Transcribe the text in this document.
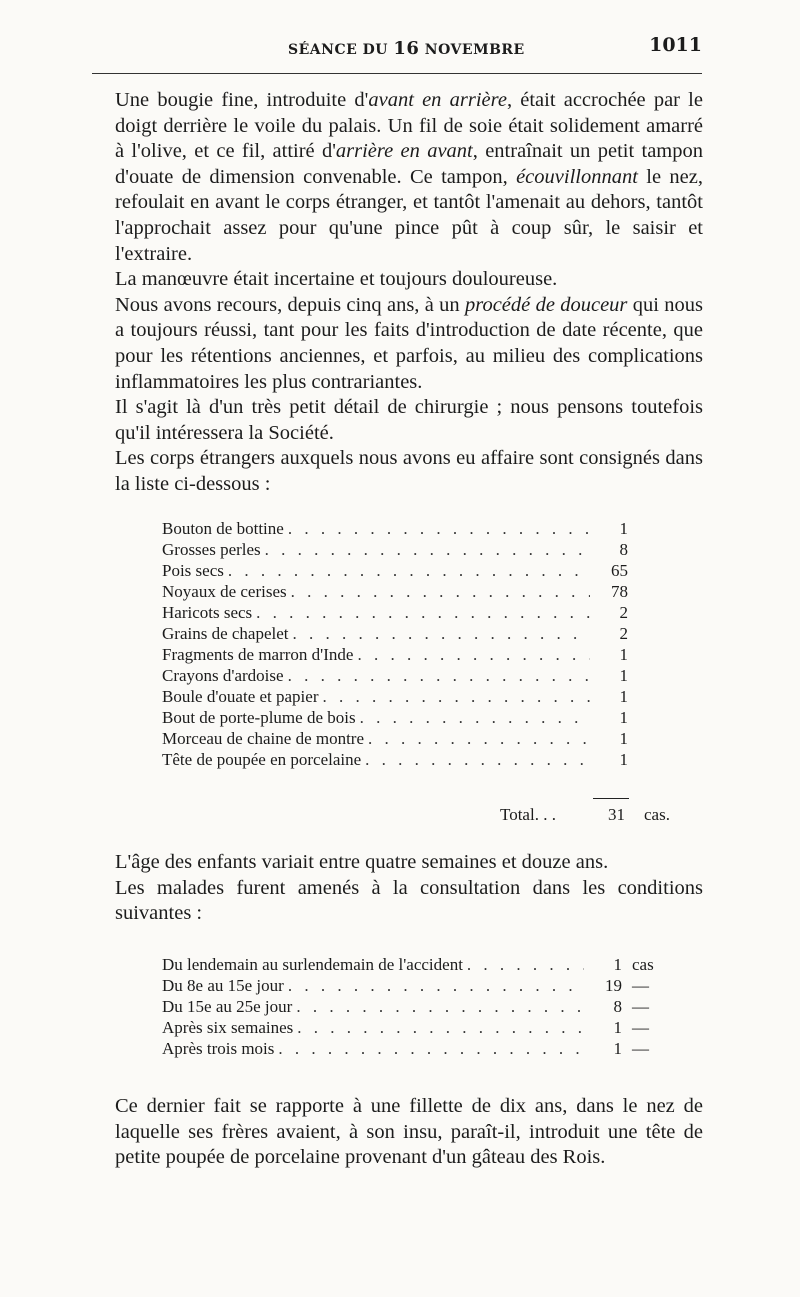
SÉANCE DU 16 NOVEMBRE	1011

Une bougie fine, introduite d'avant en arrière, était accrochée par le doigt derrière le voile du palais. Un fil de soie était solidement amarré à l'olive, et ce fil, attiré d'arrière en avant, entraînait un petit tampon d'ouate de dimension convenable. Ce tampon, écouvillonnant le nez, refoulait en avant le corps étranger, et tantôt l'amenait au dehors, tantôt l'approchait assez pour qu'une pince pût à coup sûr, le saisir et l'extraire.

La manœuvre était incertaine et toujours douloureuse.

Nous avons recours, depuis cinq ans, à un procédé de douceur qui nous a toujours réussi, tant pour les faits d'introduction de date récente, que pour les rétentions anciennes, et parfois, au milieu des complications inflammatoires les plus contrariantes.

Il s'agit là d'un très petit détail de chirurgie ; nous pensons toutefois qu'il intéressera la Société.

Les corps étrangers auxquels nous avons eu affaire sont consignés dans la liste ci-dessous :

Bouton de bottine . . .	1
Grosses perles . . .	8
Pois secs . . .	65
Noyaux de cerises . . .	78
Haricots secs . . .	2
Grains de chapelet . . .	2
Fragments de marron d'Inde . . .	1
Crayons d'ardoise . . .	1
Boule d'ouate et papier . . .	1
Bout de porte-plume de bois . . .	1
Morceau de chaine de montre . . .	1
Tête de poupée en porcelaine . . .	1
Total. . .	31 cas.

L'âge des enfants variait entre quatre semaines et douze ans.

Les malades furent amenés à la consultation dans les conditions suivantes :

Du lendemain au surlendemain de l'accident . . .	1 cas
Du 8e au 15e jour . . .	19 —
Du 15e au 25e jour . . .	8 —
Après six semaines . . .	1 —
Après trois mois . . .	1 —

Ce dernier fait se rapporte à une fillette de dix ans, dans le nez de laquelle ses frères avaient, à son insu, paraît-il, introduit une tête de petite poupée de porcelaine provenant d'un gâteau des Rois.
